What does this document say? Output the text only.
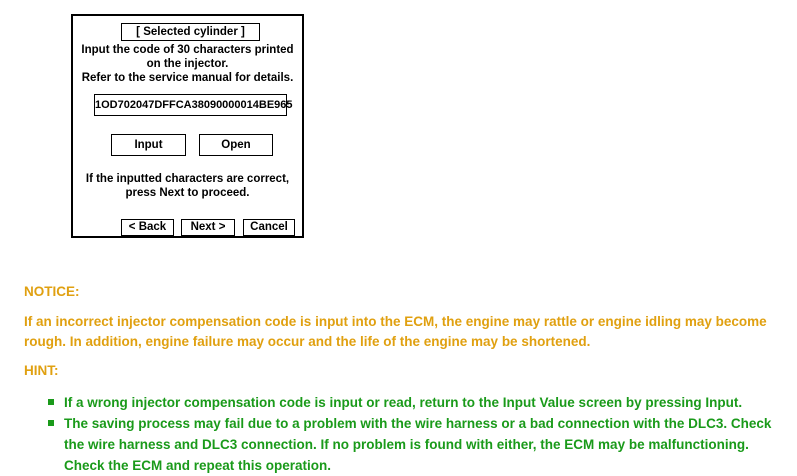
[ Selected cylinder ]
Input the code of 30 characters printed
on the injector.
Refer to the service manual for details.
1OD702047DFFCA38090000014BE965
Input	Open
If the inputted characters are correct,
press Next to proceed.
< Back	Next >	Cancel
NOTICE:
If an incorrect injector compensation code is input into the ECM, the engine may rattle or engine idling may become rough. In addition, engine failure may occur and the life of the engine may be shortened.
HINT:
If a wrong injector compensation code is input or read, return to the Input Value screen by pressing Input.
The saving process may fail due to a problem with the wire harness or a bad connection with the DLC3. Check the wire harness and DLC3 connection. If no problem is found with either, the ECM may be malfunctioning. Check the ECM and repeat this operation.
